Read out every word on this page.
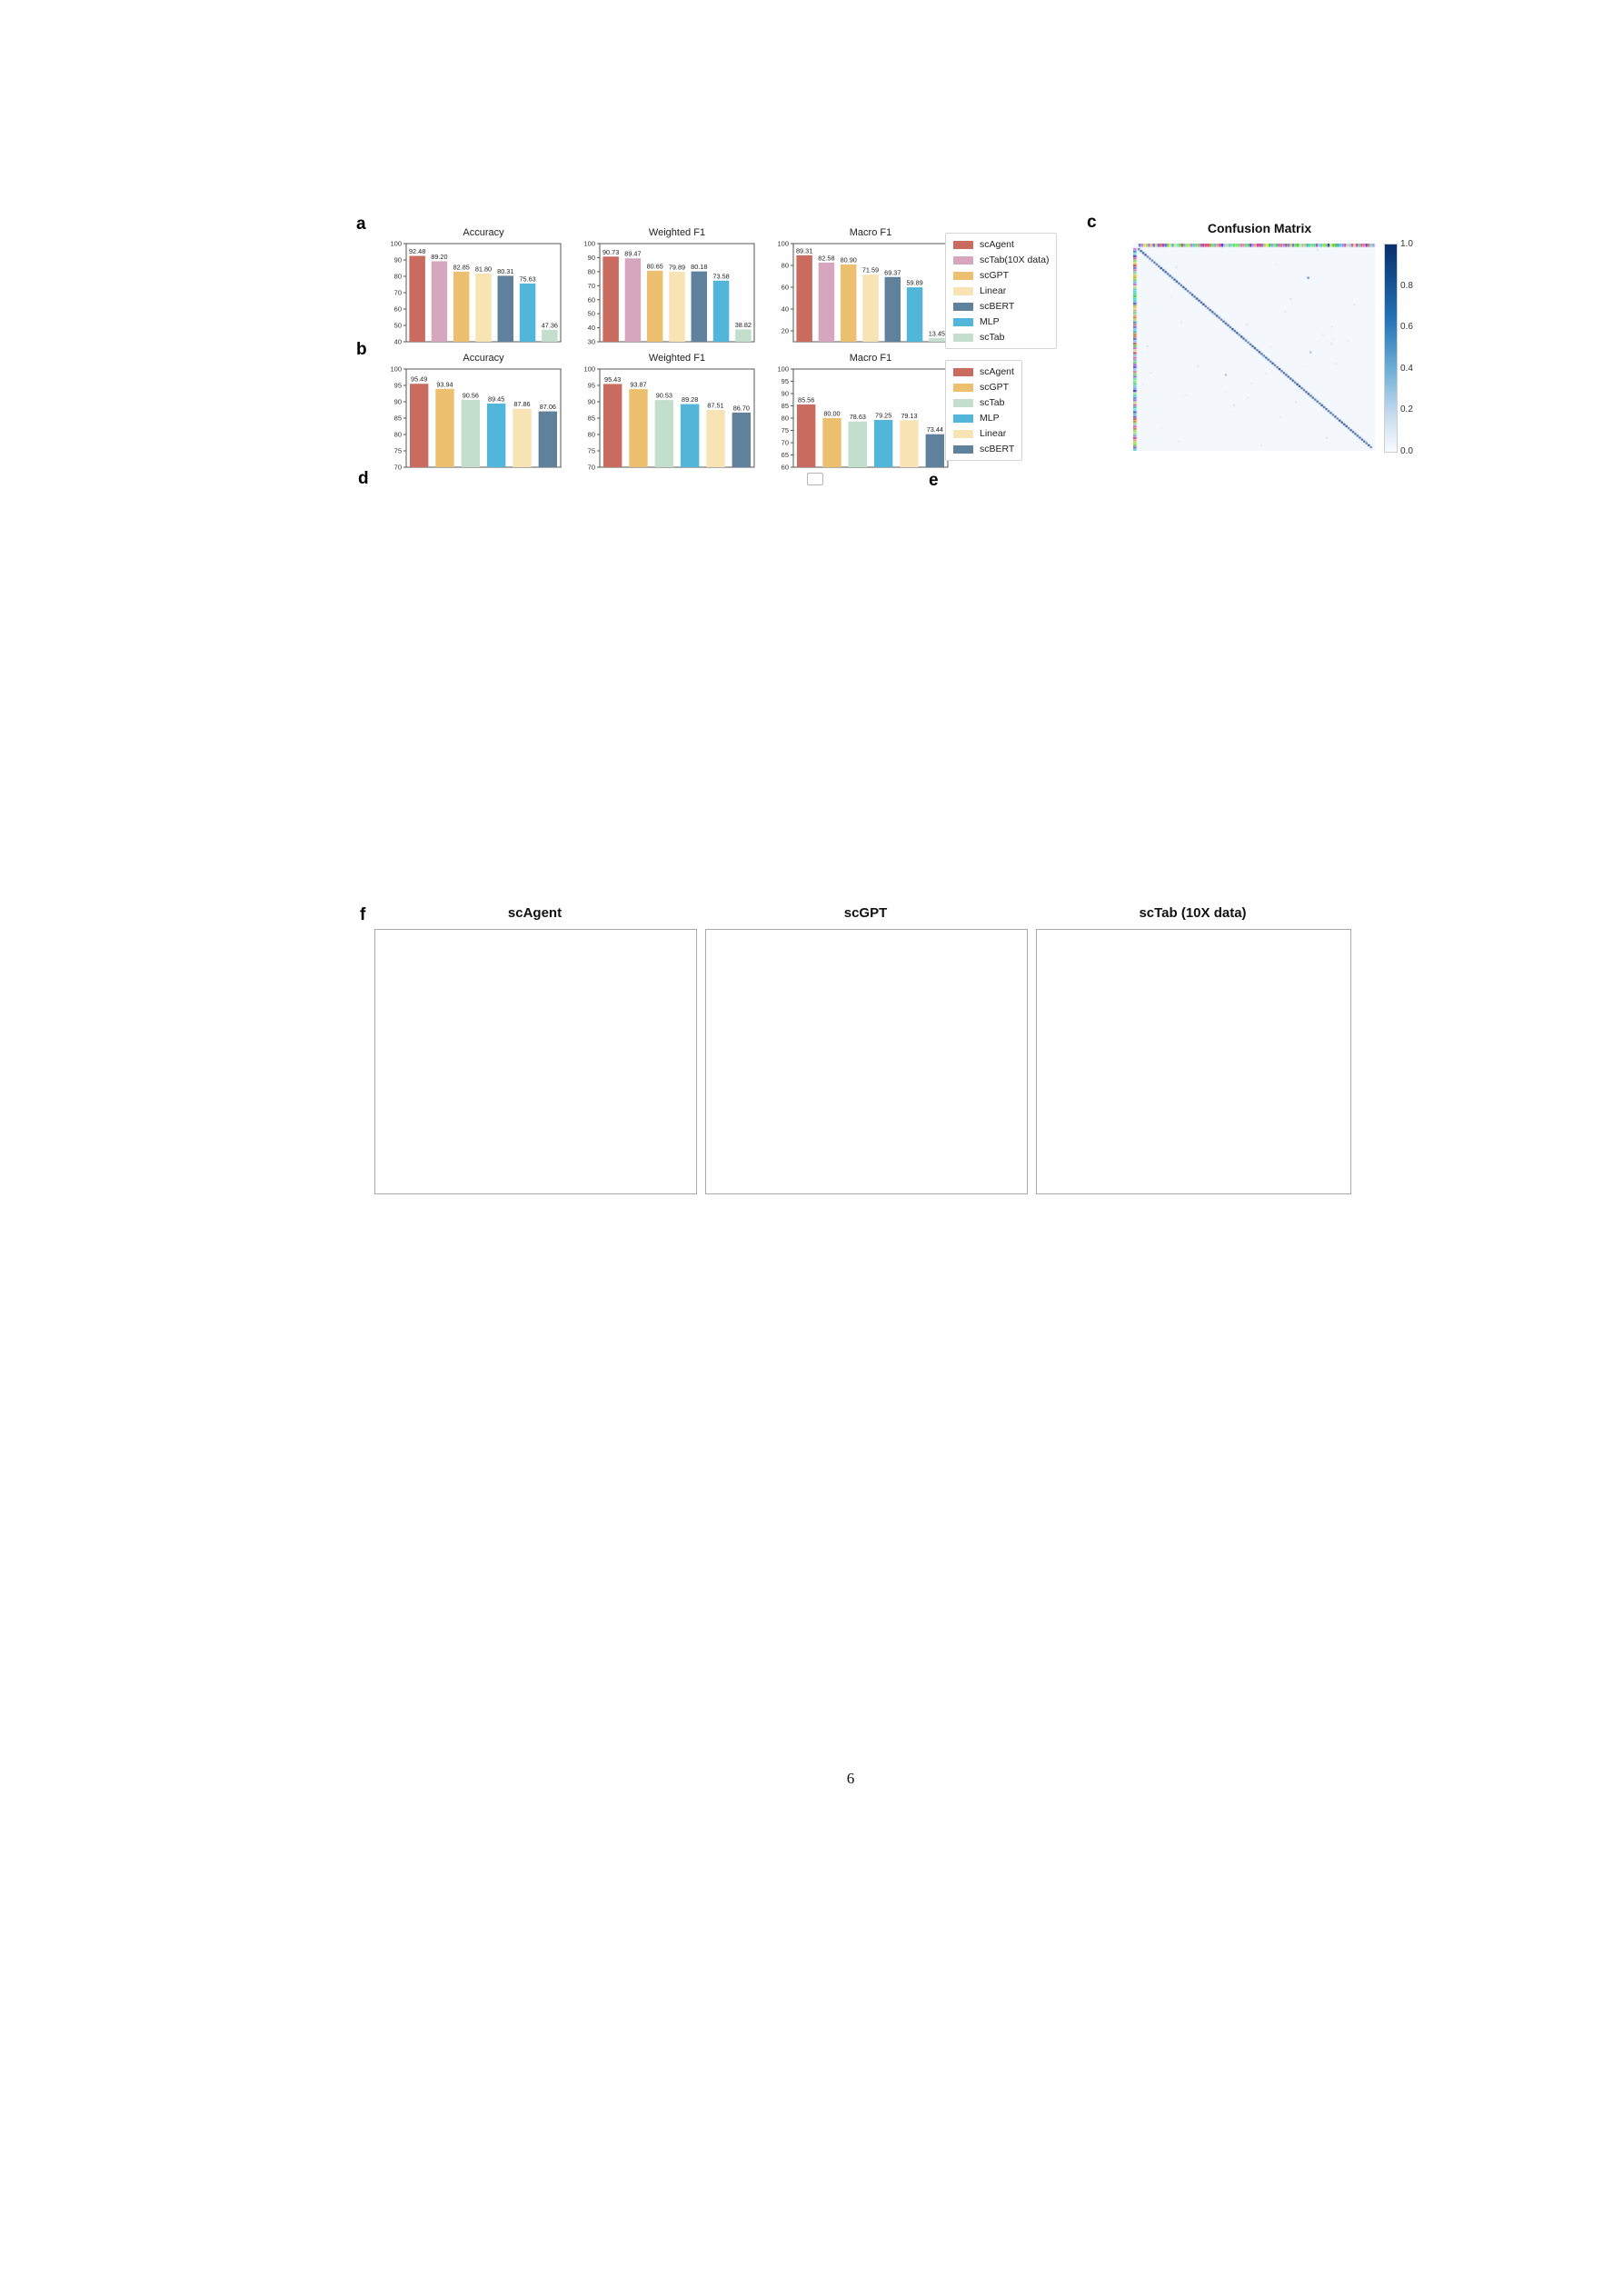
a
b
c
d	e
f
Accuracy
40
50
60
70
80
90
100
92.48
89.20
82.85 81.80 80.31
75.63
47.36
Weighted F1
30
40
50
60
70
80
90
100
90.73 89.47
80.65 79.89 80.18
73.58
38.82
Macro F1
20
40
60
80
100
89.31
82.58 80.90
71.59 69.37
59.89
13.45
scAgent
scTab(10X data)
scGPT
Linear
scBERT
MLP
scTab
Accuracy
70
75
80
85
90
95
100
95.49
93.94
90.56 89.45
87.86 87.06
Weighted F1
70
75
80
85
90
95
100
95.43
93.87
90.53 89.28
87.51 86.70
Macro F1
60
65
70
75
80
85
90
95
100
85.56
80.00 78.63 79.25 79.13
73.44
scAgent
scGPT
scTab
MLP
Linear
scBERT
Confusion Matrix
1.0
0.8
0.6
0.4
0.2
0.0
scAgent	scGPT	scTab (10X data)

6
